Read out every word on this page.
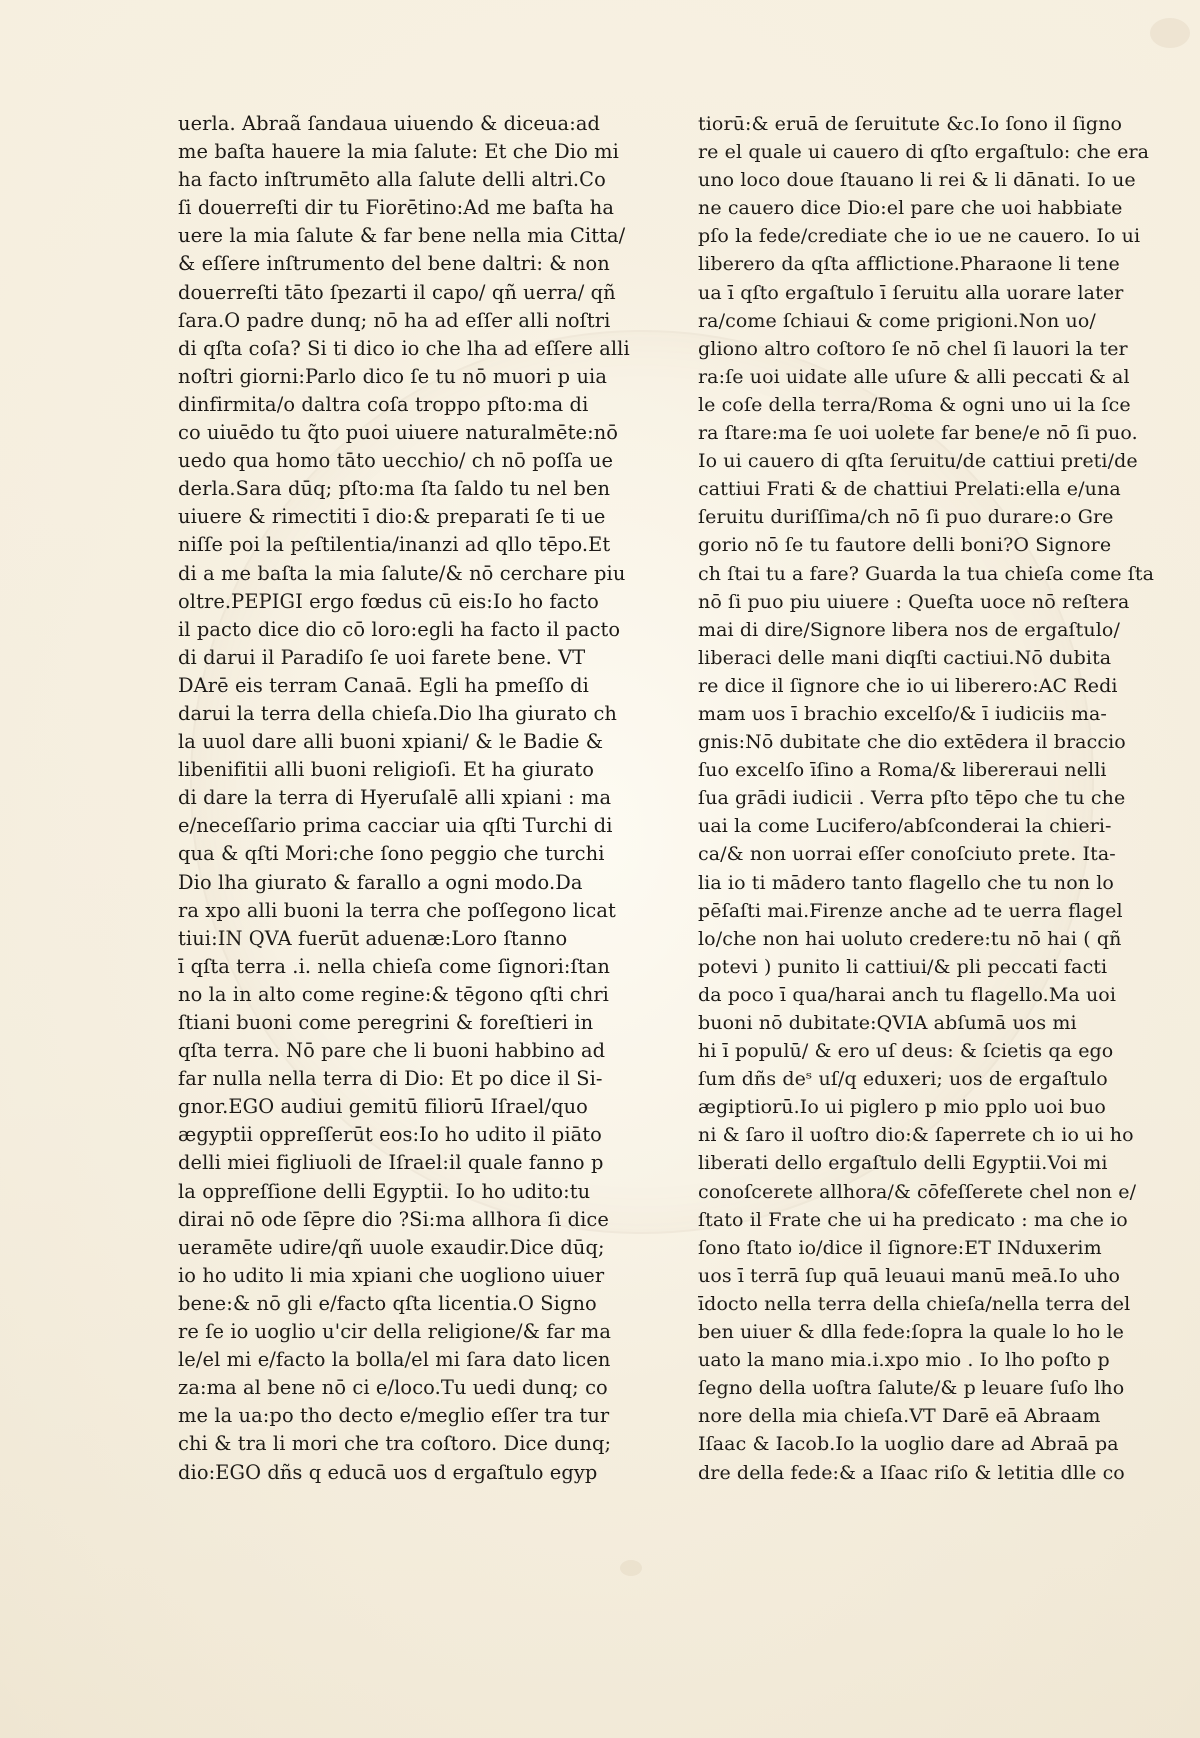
uerla. Abraã ſandaua uiuendo & diceua:ad
me baſta hauere la mia ſalute: Et che Dio mi
ha facto inſtrumēto alla ſalute delli altri.Co
ſi douerreſti dir tu Fiorētino:Ad me baſta ha
uere la mia ſalute & far bene nella mia Citta/
& eſſere inſtrumento del bene daltri: & non
douerreſti tāto ſpezarti il capo/ qñ uerra/ qñ
ſara.O padre dunq; nō ha ad eſſer alli noſtri
di qſta coſa? Si ti dico io che lha ad eſſere alli
noſtri giorni:Parlo dico ſe tu nō muori p uia
dinfirmita/o daltra coſa troppo pſto:ma di
co uiuēdo tu q̃to puoi uiuere naturalmēte:nō
uedo qua homo tāto uecchio/ ch nō poſſa ue
derla.Sara dūq; pſto:ma ſta ſaldo tu nel ben
uiuere & rimectiti ī dio:& preparati ſe ti ue
niſſe poi la peſtilentia/inanzi ad qllo tēpo.Et
di a me baſta la mia ſalute/& nō cerchare piu
oltre.PEPIGI ergo fœdus cū eis:Io ho facto
il pacto dice dio cō loro:egli ha facto il pacto
di darui il Paradiſo ſe uoi farete bene. VT
DArē eis terram Canaā. Egli ha pmeſſo di
darui la terra della chieſa.Dio lha giurato ch
la uuol dare alli buoni xpiani/ & le Badie &
libenifitii alli buoni religioſi. Et ha giurato
di dare la terra di Hyeruſalē alli xpiani : ma
e/neceſſario prima cacciar uia qſti Turchi di
qua & qſti Mori:che ſono peggio che turchi
Dio lha giurato & farallo a ogni modo.Da
ra xpo alli buoni la terra che poſſegono licat
tiui:IN QVA fuerūt aduenæ:Loro ſtanno
ī qſta terra .i. nella chieſa come ſignori:ſtan
no la in alto come regine:& tēgono qſti chri
ſtiani buoni come peregrini & foreſtieri in
qſta terra. Nō pare che li buoni habbino ad
far nulla nella terra di Dio: Et po dice il Si-
gnor.EGO audiui gemitū filiorū Iſrael/quo
ægyptii oppreſſerūt eos:Io ho udito il piāto
delli miei figliuoli de Iſrael:il quale fanno p
la oppreſſione delli Egyptii. Io ho udito:tu
dirai nō ode ſēpre dio ?Si:ma allhora ſi dice
ueramēte udire/qñ uuole exaudir.Dice dūq;
io ho udito li mia xpiani che uogliono uiuer
bene:& nō gli e/facto qſta licentia.O Signo
re ſe io uoglio u'cir della religione/& far ma
le/el mi e/facto la bolla/el mi ſara dato licen
za:ma al bene nō ci e/loco.Tu uedi dunq; co
me la ua:po tho decto e/meglio eſſer tra tur
chi & tra li mori che tra coſtoro. Dice dunq;
dio:EGO dñs q educā uos d ergaſtulo egyp
tiorū:& eruā de ſeruitute &c.Io ſono il ſigno
re el quale ui cauero di qſto ergaſtulo: che era
uno loco doue ſtauano li rei & li dānati. Io ue
ne cauero dice Dio:el pare che uoi habbiate
pſo la fede/crediate che io ue ne cauero. Io ui
liberero da qſta afflictione.Pharaone li tene
ua ī qſto ergaſtulo ī ſeruitu alla uorare later
ra/come ſchiaui & come prigioni.Non uo/
gliono altro coſtoro ſe nō chel ſi lauori la ter
ra:ſe uoi uidate alle uſure & alli peccati & al
le coſe della terra/Roma & ogni uno ui la ſce
ra ſtare:ma ſe uoi uolete far bene/e nō ſi puo.
Io ui cauero di qſta ſeruitu/de cattiui preti/de
cattiui Frati & de chattiui Prelati:ella e/una
ſeruitu duriſſima/ch nō ſi puo durare:o Gre
gorio nō ſe tu fautore delli boni?O Signore
ch ſtai tu a fare? Guarda la tua chieſa come ſta
nō ſi puo piu uiuere : Queſta uoce nō reſtera
mai di dire/Signore libera nos de ergaſtulo/
liberaci delle mani diqſti cactiui.Nō dubita
re dice il ſignore che io ui liberero:AC Redi
mam uos ī brachio excelſo/& ī iudiciis ma-
gnis:Nō dubitate che dio extēdera il braccio
ſuo excelſo īſino a Roma/& libereraui nelli
ſua grādi iudicii . Verra pſto tēpo che tu che
uai la come Lucifero/abſconderai la chieri-
ca/& non uorrai eſſer conoſciuto prete. Ita-
lia io ti mādero tanto flagello che tu non lo
pēſaſti mai.Firenze anche ad te uerra flagel
lo/che non hai uoluto credere:tu nō hai ( qñ
potevi ) punito li cattiui/& pli peccati facti
da poco ī qua/harai anch tu flagello.Ma uoi
buoni nō dubitate:QVIA abſumā uos mi
hi ī populū/ & ero uſ deus: & ſcietis qa ego
ſum dñs deˢ uſ/q eduxeri; uos de ergaſtulo
ægiptiorū.Io ui piglero p mio pplo uoi buo
ni & ſaro il uoſtro dio:& ſaperrete ch io ui ho
liberati dello ergaſtulo delli Egyptii.Voi mi
conoſcerete allhora/& cōfeſſerete chel non e/
ſtato il Frate che ui ha predicato : ma che io
ſono ſtato io/dice il ſignore:ET INduxerim
uos ī terrā ſup quā leuaui manū meā.Io uho
īdocto nella terra della chieſa/nella terra del
ben uiuer & dlla fede:ſopra la quale lo ho le
uato la mano mia.i.xpo mio . Io lho poſto p
ſegno della uoſtra ſalute/& p leuare ſuſo lho
nore della mia chieſa.VT Darē eā Abraam
Iſaac & Iacob.Io la uoglio dare ad Abraā pa
dre della fede:& a Iſaac riſo & letitia dlle co
